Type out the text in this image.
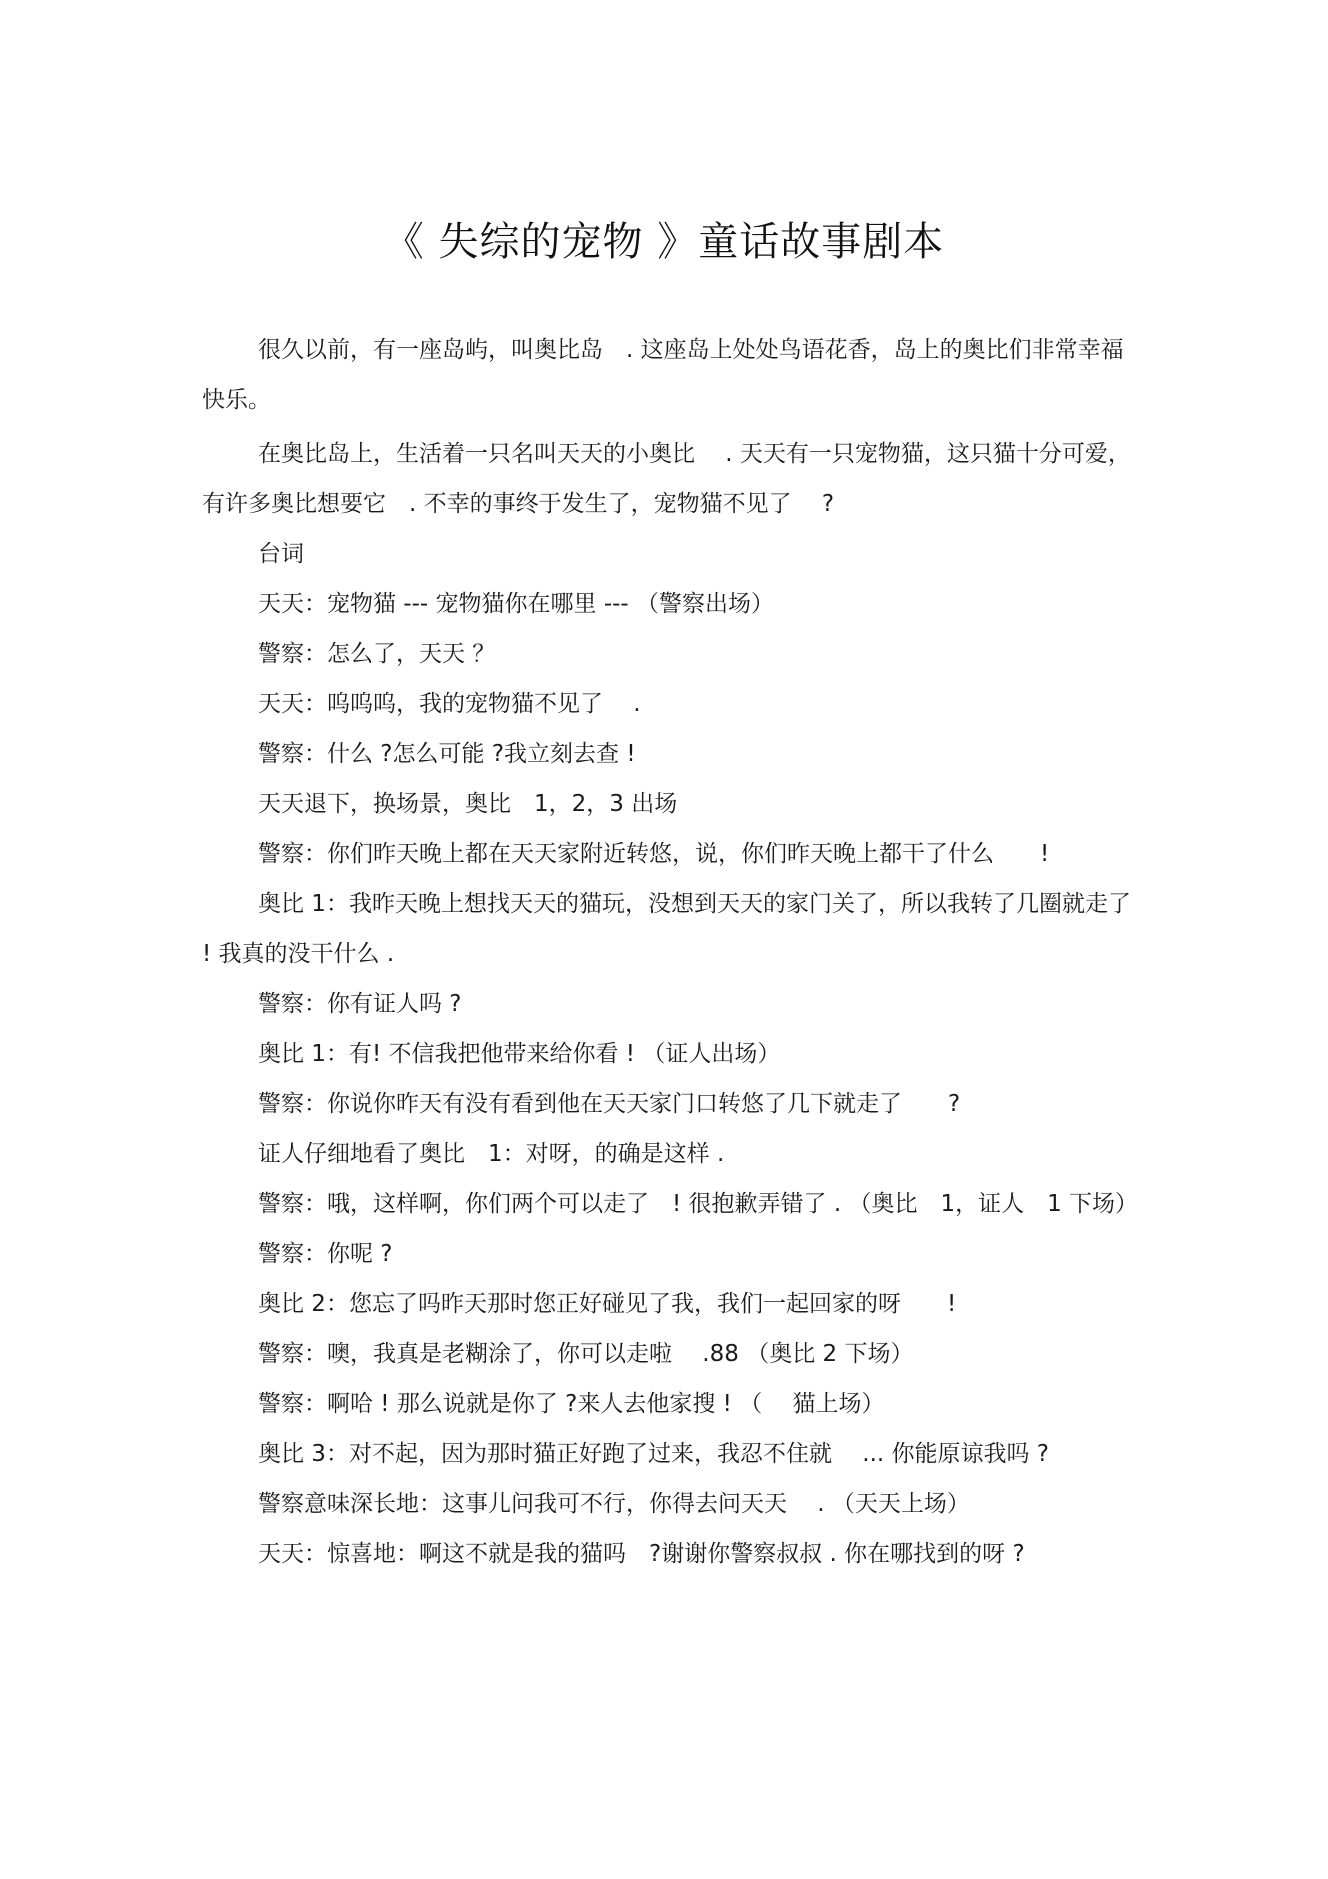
《 失综的宠物 》童话故事剧本

很久以前，有一座岛屿，叫奥比岛　. 这座岛上处处鸟语花香，岛上的奥比们非常幸福快乐。

在奥比岛上，生活着一只名叫天天的小奥比　 . 天天有一只宠物猫，这只猫十分可爱，有许多奥比想要它　. 不幸的事终于发生了，宠物猫不见了　 ?

台词

天天：宠物猫 --- 宠物猫你在哪里 --- （警察出场）

警察：怎么了，天天 ？

天天：呜呜呜，我的宠物猫不见了　 .

警察：什么 ?怎么可能 ?我立刻去查 !

天天退下，换场景，奥比　1，2，3 出场

警察：你们昨天晚上都在天天家附近转悠，说，你们昨天晚上都干了什么　　!

奥比 1：我昨天晚上想找天天的猫玩，没想到天天的家门关了，所以我转了几圈就走了 ! 我真的没干什么 .

警察：你有证人吗 ?

奥比 1：有! 不信我把他带来给你看 ! （证人出场）

警察：你说你昨天有没有看到他在天天家门口转悠了几下就走了　　?

证人仔细地看了奥比　1：对呀，的确是这样 .

警察：哦，这样啊，你们两个可以走了　! 很抱歉弄错了 . （奥比　1，证人　1 下场）

警察：你呢 ?

奥比 2：您忘了吗昨天那时您正好碰见了我，我们一起回家的呀　　!

警察：噢，我真是老糊涂了，你可以走啦　 .88 （奥比 2 下场）

警察：啊哈 ! 那么说就是你了 ?来人去他家搜 ! （　 猫上场）

奥比 3：对不起，因为那时猫正好跑了过来，我忍不住就　 ... 你能原谅我吗 ?

警察意味深长地：这事儿问我可不行，你得去问天天　 . （天天上场）

天天：惊喜地：啊这不就是我的猫吗　?谢谢你警察叔叔 . 你在哪找到的呀 ?
